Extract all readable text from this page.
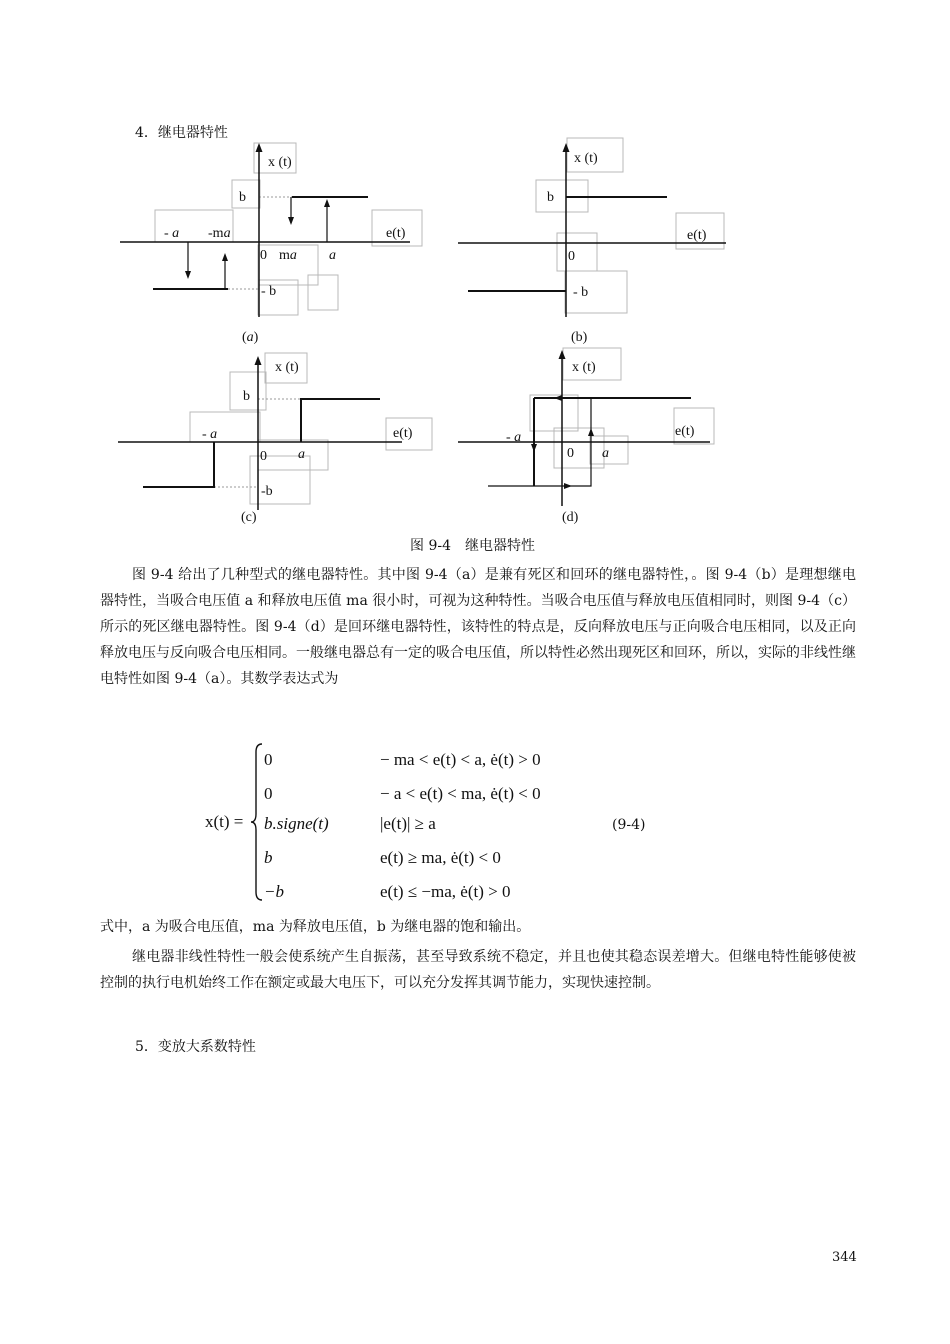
4．继电器特性
x (t)
b
- a -ma	e(t)
0 ma a
- b
(a)
x (t)
b
e(t)
0
- b
(b)
x (t)
b
- a	e(t)
0 a
-b
(c)
x (t)
- a	e(t)
0 a
(d)
图 9-4　继电器特性
图 9-4 给出了几种型式的继电器特性。其中图 9-4（a）是兼有死区和回环的继电器特性，。图 9-4（b）是理想继电器特性，当吸合电压值 a 和释放电压值 ma 很小时，可视为这种特性。当吸合电压值与释放电压值相同时，则图 9-4（c）所示的死区继电器特性。图 9-4（d）是回环继电器特性，该特性的特点是，反向释放电压与正向吸合电压相同，以及正向释放电压与反向吸合电压相同。一般继电器总有一定的吸合电压值，所以特性必然出现死区和回环，所以，实际的非线性继电特性如图 9-4（a）。其数学表达式为
x(t) =
0	− ma < e(t) < a, ė(t) > 0
0	− a < e(t) < ma, ė(t) < 0
b.signe(t)	|e(t)| ≥ a
b	e(t) ≥ ma, ė(t) < 0
−b	e(t) ≤ −ma, ė(t) > 0
(9-4)
式中，a 为吸合电压值，ma 为释放电压值，b 为继电器的饱和输出。
继电器非线性特性一般会使系统产生自振荡，甚至导致系统不稳定，并且也使其稳态误差增大。但继电特性能够使被控制的执行电机始终工作在额定或最大电压下，可以充分发挥其调节能力，实现快速控制。
5．变放大系数特性
344
